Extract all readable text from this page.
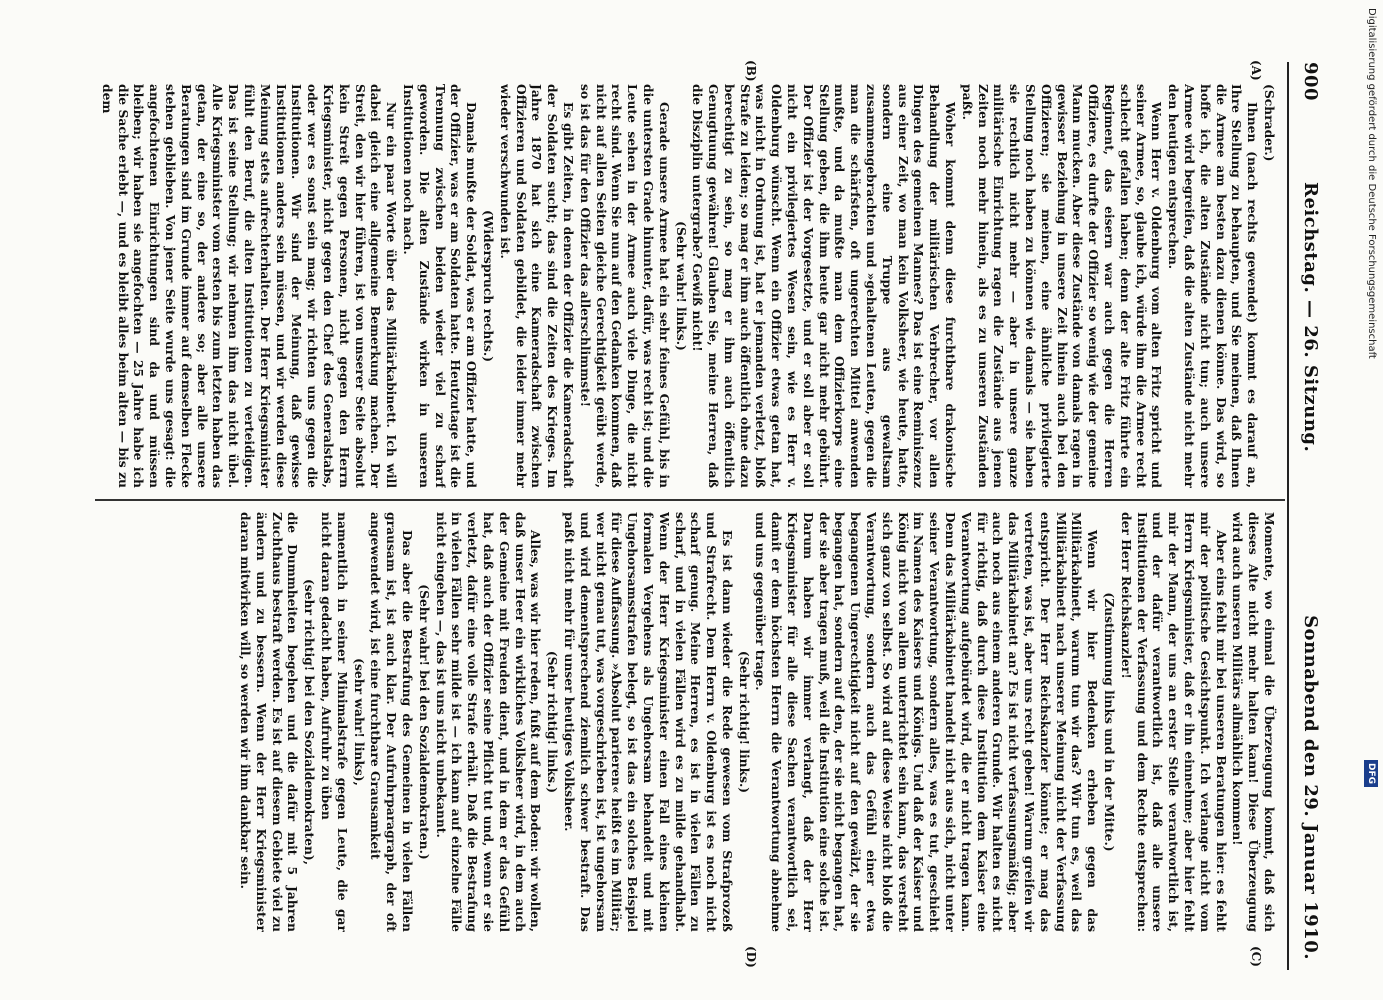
900
Reichstag. — 26. Sitzung.
Sonnabend den 29. Januar 1910.
(A)
(B)
(C)
(D)

(Schrader.)

Ihnen (nach rechts gewendet) kommt es darauf an, Ihre Stellung zu behaupten, und Sie meinen, daß Ihnen die Armee am besten dazu dienen könne. Das wird, so hoffe ich, die alten Zustände nicht tun; auch unsere Armee wird begreifen, daß die alten Zustände nicht mehr den heutigen entsprechen.

Wenn Herr v. Oldenburg vom alten Fritz spricht und seiner Armee, so, glaube ich, würde ihm die Armee recht schlecht gefallen haben; denn der alte Fritz führte ein Regiment, das eisern war auch gegen die Herren Offiziere, es durfte der Offizier so wenig wie der gemeine Mann mucken. Aber diese Zustände von damals ragen in gewisser Beziehung in unsere Zeit hinein auch bei den Offizieren; sie meinen, eine ähnliche privilegierte Stellung noch haben zu können wie damals — sie haben sie rechtlich nicht mehr — aber in unsere ganze militärische Einrichtung ragen die Zustände aus jenen Zeiten noch mehr hinein, als es zu unseren Zuständen paßt.

Woher kommt denn diese furchtbare drakonische Behandlung der militärischen Verbrecher, vor allen Dingen des gemeinen Mannes? Das ist eine Reminiszenz aus einer Zeit, wo man kein Volksheer, wie heute, hatte, sondern eine Truppe aus gewaltsam zusammengebrachten und »gehaltenen Leuten, gegen die man die schärfsten, oft ungerechten Mittel anwenden mußte, und da mußte man dem Offizierkorps eine Stellung geben, die ihm heute gar nicht mehr gebührt. Der Offizier ist der Vorgesetzte, und er soll aber er soll nicht ein privilegiertes Wesen sein, wie es Herr v. Oldenburg wünscht. Wenn ein Offizier etwas getan hat, was nicht in Ordnung ist, hat er jemanden verletzt, bloß Strafe zu leiden; so mag er ihm auch öffentlich ohne dazu berechtigt zu sein, so mag er ihm auch öffentlich Genugtuung gewähren! Glauben Sie, meine Herren, daß die Disziplin untergrabe? Gewiß nicht!

(Sehr wahr! links.)

Gerade unsere Armee hat ein sehr feines Gefühl, bis in die untersten Grade hinunter, dafür, was recht ist; und die Leute sehen in der Armee auch viele Dinge, die nicht recht sind. Wenn Sie nun auf den Gedanken kommen, daß nicht auf allen Seiten gleiche Gerechtigkeit geübt werde, so ist das für den Offizier das allerschlimmste!

Es gibt Zeiten, in denen der Offizier die Kameradschaft der Soldaten sucht; das sind die Zeiten des Krieges. Im Jahre 1870 hat sich eine Kameradschaft zwischen Offizieren und Soldaten gebildet, die leider immer mehr wieder verschwunden ist.

(Widerspruch rechts.)

Damals mußte der Soldat, was er am Offizier hatte, und der Offizier, was er am Soldaten hatte. Heutzutage ist die Trennung zwischen beiden wieder viel zu scharf geworden. Die alten Zustände wirken in unseren Institutionen noch nach.

Nur ein paar Worte über das Militärkabinett. Ich will dabei gleich eine allgemeine Bemerkung machen. Der Streit, den wir hier führen, ist von unserer Seite absolut kein Streit gegen Personen, nicht gegen den Herrn Kriegsminister, nicht gegen den Chef des Generalstabs, oder wer es sonst sein mag; wir richten uns gegen die Institutionen. Wir sind der Meinung, daß gewisse Institutionen anders sein müssen, und wir werden diese Meinung stets aufrechterhalten. Der Herr Kriegsminister fühlt den Beruf, die alten Institutionen zu verteidigen. Das ist seine Stellung; wir nehmen ihm das nicht übel. Alle Kriegsminister vom ersten bis zum letzten haben das getan, der eine so, der andere so; aber alle unsere Beratungen sind im Grunde immer auf demselben Flecke stehen geblieben. Von jener Seite wurde uns gesagt: die angefochtenen Einrichtungen sind da und müssen bleiben; wir haben sie angefochten — 25 Jahre habe ich die Sache erlebt —, und es bleibt alles beim alten — bis zu dem

Momente, wo einmal die Überzeugung kommt, daß sich dieses Alte nicht mehr halten kann! Diese Überzeugung wird auch unseren Militärs allmählich kommen!

Aber eins fehlt mir bei unseren Beratungen hier: es fehlt mir der politische Gesichtspunkt. Ich verlange nicht vom Herrn Kriegsminister, daß er ihn einnehme; aber hier fehlt mir der Mann, der uns an erster Stelle verantwortlich ist, und der dafür verantwortlich ist, daß alle unsere Institutionen der Verfassung und dem Rechte entsprechen: der Herr Reichskanzler!

(Zustimmung links und in der Mitte.)

Wenn wir hier Bedenken erheben gegen das Militärkabinett, warum tun wir das? Wir tun es, weil das Militärkabinett nach unserer Meinung nicht der Verfassung entspricht. Der Herr Reichskanzler könnte; er mag das vertreten, was ist, aber uns recht geben! Warum greifen wir das Militärkabinett an? Es ist nicht verfassungsmäßig; aber auch noch aus einem anderen Grunde. Wir halten es nicht für richtig, daß durch diese Institution dem Kaiser eine Verantwortung aufgebürdet wird, die er nicht tragen kann. Denn das Militärkabinett handelt nicht aus sich, nicht unter seiner Verantwortung, sondern alles, was es tut, geschieht im Namen des Kaisers und Königs. Und daß der Kaiser und König nicht von allem unterrichtet sein kann, das versteht sich ganz von selbst. So wird auf diese Weise nicht bloß die Verantwortung, sondern auch das Gefühl einer etwa begangenen Ungerechtigkeit nicht auf den gewälzt, der sie begangen hat, sondern auf den, der sie nicht begangen hat, der sie aber tragen muß, weil die Institution eine solche ist. Darum haben wir immer verlangt, daß der Herr Kriegsminister für alle diese Sachen verantwortlich sei, damit er dem höchsten Herrn die Verantwortung abnehme und uns gegenüber trage.

(Sehr richtig! links.)

Es ist dann wieder die Rede gewesen vom Strafprozeß und Strafrecht. Dem Herrn v. Oldenburg ist es noch nicht scharf genug. Meine Herren, es ist in vielen Fällen zu scharf, und in vielen Fällen wird es zu milde gehandhabt. Wenn der Herr Kriegsminister einen Fall eines kleinen formalen Vergehens als Ungehorsam behandelt und mit Ungehorsamsstrafen belegt, so ist das ein solches Beispiel für diese Auffassung. »Absolut parieren« heißt es im Militär; wer nicht genau tut, was vorgeschrieben ist, ist ungehorsam und wird dementsprechend ziemlich schwer bestraft. Das paßt nicht mehr für unser heutiges Volksheer.

(Sehr richtig! links.)

Alles, was wir hier reden, fußt auf dem Boden: wir wollen, daß unser Heer ein wirkliches Volksheer wird, in dem auch der Gemeine mit Freuden dient, und in dem er das Gefühl hat, daß auch der Offizier seine Pflicht tut und, wenn er sie verletzt, dafür eine volle Strafe erhält. Daß die Bestrafung in vielen Fällen sehr milde ist — ich kann auf einzelne Fälle nicht eingehen —, das ist uns nicht unbekannt.

(Sehr wahr! bei den Sozialdemokraten.)

Das aber die Bestrafung des Gemeinen in vielen Fällen grausam ist, ist auch klar. Der Aufruhrparagraph, der oft angewendet wird, ist eine furchtbare Grausamkeit

(sehr wahr! links),

namentlich in seiner Minimalstrafe gegen Leute, die gar nicht daran gedacht haben, Aufruhr zu üben

(sehr richtig! bei den Sozialdemokraten),

die Dummheiten begehen und die dafür mit 5 Jahren Zuchthaus bestraft werden. Es ist auf diesem Gebiete viel zu ändern und zu bessern. Wenn der Herr Kriegsminister daran mitwirken will, so werden wir ihm dankbar sein.

Digitalisierung gefördert durch die Deutsche Forschungsgemeinschaft
DFG
